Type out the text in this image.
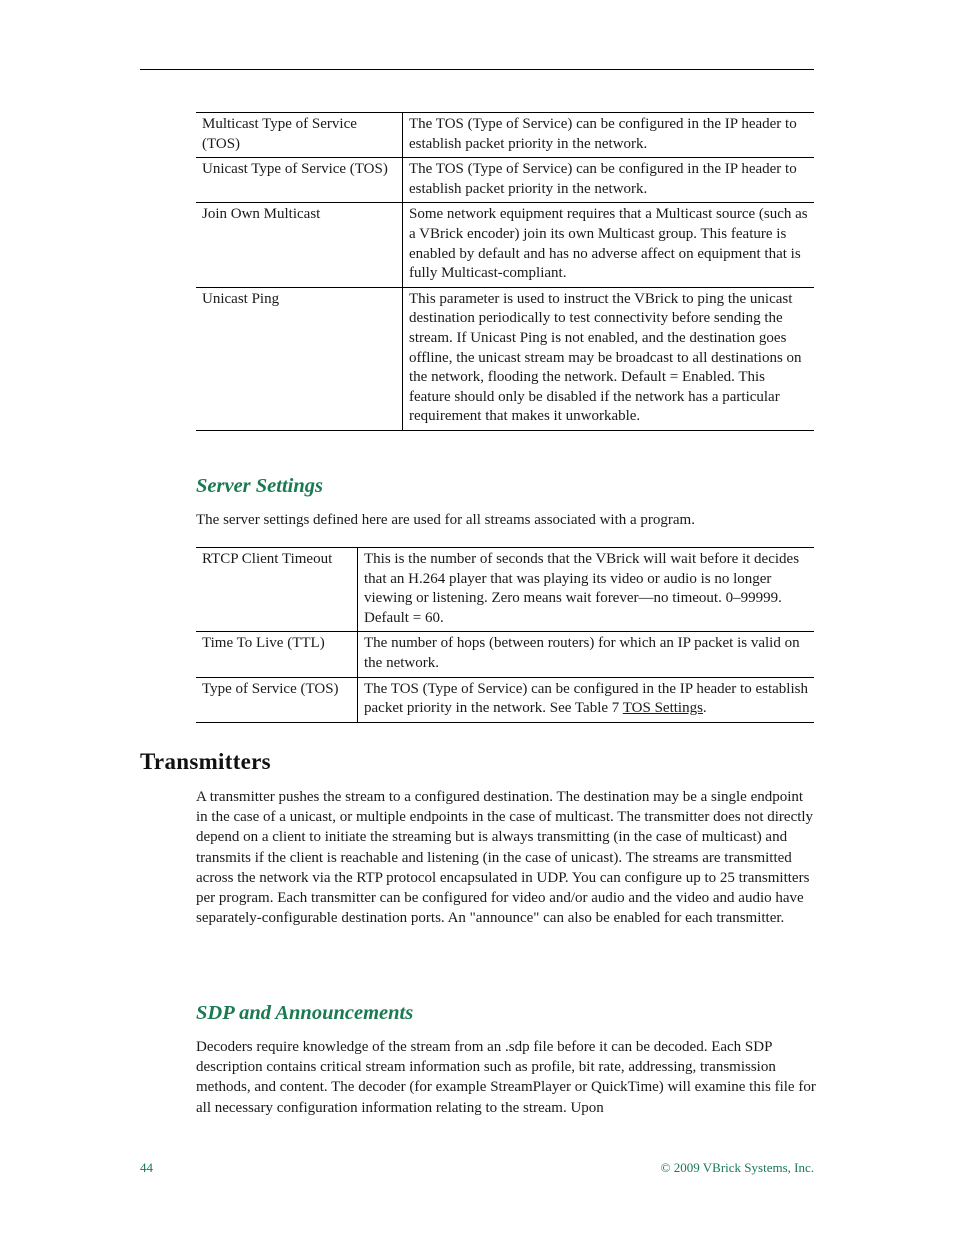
Multicast Type of Service (TOS)	The TOS (Type of Service) can be configured in the IP header to establish packet priority in the network.
Unicast Type of Service (TOS)	The TOS (Type of Service) can be configured in the IP header to establish packet priority in the network.
Join Own Multicast	Some network equipment requires that a Multicast source (such as a VBrick encoder) join its own Multicast group. This feature is enabled by default and has no adverse affect on equipment that is fully Multicast-compliant.
Unicast Ping	This parameter is used to instruct the VBrick to ping the unicast destination periodically to test connectivity before sending the stream. If Unicast Ping is not enabled, and the destination goes offline, the unicast stream may be broadcast to all destinations on the network, flooding the network. Default = Enabled. This feature should only be disabled if the network has a particular requirement that makes it unworkable.
Server Settings

The server settings defined here are used for all streams associated with a program.

RTCP Client Timeout	This is the number of seconds that the VBrick will wait before it decides that an H.264 player that was playing its video or audio is no longer viewing or listening. Zero means wait forever—no timeout. 0–99999. Default = 60.
Time To Live (TTL)	The number of hops (between routers) for which an IP packet is valid on the network.
Type of Service (TOS)	The TOS (Type of Service) can be configured in the IP header to establish packet priority in the network. See Table 7 TOS Settings.
Transmitters

A transmitter pushes the stream to a configured destination. The destination may be a single endpoint in the case of a unicast, or multiple endpoints in the case of multicast. The transmitter does not directly depend on a client to initiate the streaming but is always transmitting (in the case of multicast) and transmits if the client is reachable and listening (in the case of unicast). The streams are transmitted across the network via the RTP protocol encapsulated in UDP. You can configure up to 25 transmitters per program. Each transmitter can be configured for video and/or audio and the video and audio have separately-configurable destination ports. An "announce" can also be enabled for each transmitter.

SDP and Announcements

Decoders require knowledge of the stream from an .sdp file before it can be decoded. Each SDP description contains critical stream information such as profile, bit rate, addressing, transmission methods, and content. The decoder (for example StreamPlayer or QuickTime) will examine this file for all necessary configuration information relating to the stream. Upon

44	© 2009 VBrick Systems, Inc.
